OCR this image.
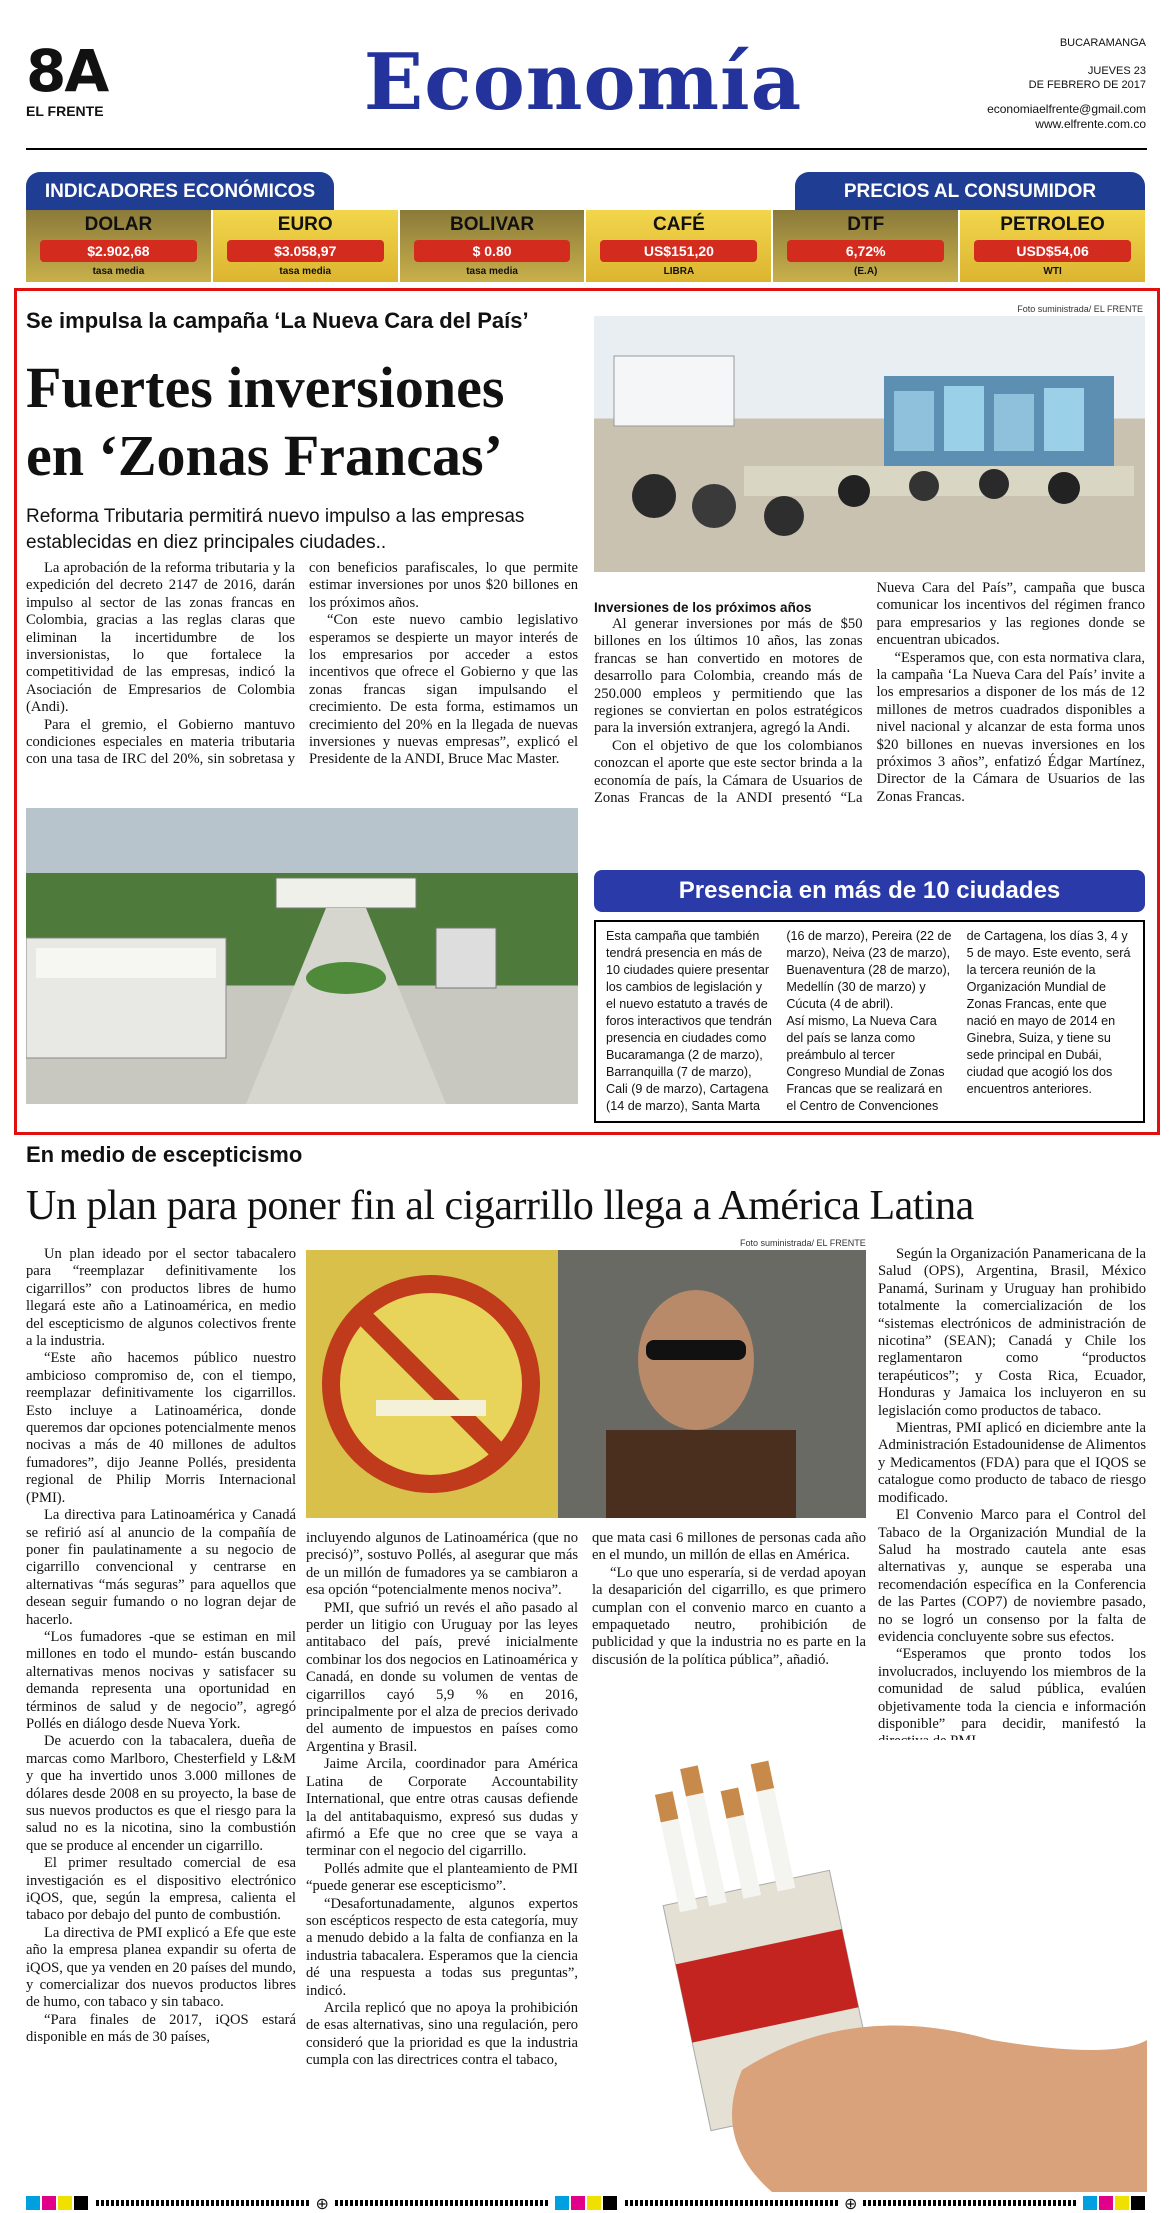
8A
EL FRENTE	Economía	BUCARAMANGA
JUEVES 23
DE FEBRERO DE 2017
economiaelfrente@gmail.com
www.elfrente.com.co
INDICADORES ECONÓMICOS	PRECIOS AL CONSUMIDOR
DOLAR
$2.902,68
tasa media
EURO
$3.058,97
tasa media
BOLIVAR
$ 0.80
tasa media
CAFÉ
US$151,20
LIBRA
DTF
6,72%
(E.A)
PETROLEO
USD$54,06
WTI
Se impulsa la campaña ‘La Nueva Cara del País’
Fuertes inversiones
en ‘Zonas Francas’
Reforma Tributaria permitirá nuevo impulso a las empresas establecidas en diez principales ciudades..
Foto suministrada/ EL FRENTE

La aprobación de la reforma tributaria y la expedición del decreto 2147 de 2016, darán impulso al sector de las zonas francas en Colombia, gracias a las reglas claras que eliminan la incertidumbre de los inversionistas, lo que fortalece la competitividad de las empresas, indicó la Asociación de Empresarios de Colombia (Andi).

Para el gremio, el Gobierno mantuvo condiciones especiales en materia tributaria con una tasa de IRC del 20%, sin sobretasa y con beneficios parafiscales, lo que permite estimar inversiones por unos $20 billones en los próximos años.

“Con este nuevo cambio legislativo esperamos se despierte un mayor interés de los empresarios por acceder a estos incentivos que ofrece el Gobierno y que las zonas francas sigan impulsando el crecimiento. De esta forma, estimamos un crecimiento del 20% en la llegada de nuevas inversiones y nuevas empresas”, explicó el Presidente de la ANDI, Bruce Mac Master.

Inversiones de los próximos años

Al generar inversiones por más de $50 billones en los últimos 10 años, las zonas francas se han convertido en motores de desarrollo para Colombia, creando más de 250.000 empleos y permitiendo que las regiones se conviertan en polos estratégicos para la inversión extranjera, agregó la Andi.

Con el objetivo de que los colombianos conozcan el aporte que este sector brinda a la economía de país, la Cámara de Usuarios de Zonas Francas de la ANDI presentó “La Nueva Cara del País”, campaña que busca comunicar los incentivos del régimen franco para empresarios y las regiones donde se encuentran ubicados.

“Esperamos que, con esta normativa clara, la campaña ‘La Nueva Cara del País’ invite a los empresarios a disponer de los más de 12 millones de metros cuadrados disponibles a nivel nacional y alcanzar de esta forma unos $20 billones en nuevas inversiones en los próximos 3 años”, enfatizó Édgar Martínez, Director de la Cámara de Usuarios de las Zonas Francas.

Presencia en más de 10 ciudades

Esta campaña que también tendrá presencia en más de 10 ciudades quiere presentar los cambios de legislación y el nuevo estatuto a través de foros interactivos que tendrán presencia en ciudades como Bucaramanga (2 de marzo), Barranquilla (7 de marzo), Cali (9 de marzo), Cartagena (14 de marzo), Santa Marta (16 de marzo), Pereira (22 de marzo), Neiva (23 de marzo), Buenaventura (28 de marzo), Medellín (30 de marzo) y Cúcuta (4 de abril).

Así mismo, La Nueva Cara del país se lanza como preámbulo al tercer Congreso Mundial de Zonas Francas que se realizará en el Centro de Convenciones de Cartagena, los días 3, 4 y 5 de mayo. Este evento, será la tercera reunión de la Organización Mundial de Zonas Francas, ente que nació en mayo de 2014 en Ginebra, Suiza, y tiene su sede principal en Dubái, ciudad que acogió los dos encuentros anteriores.

En medio de escepticismo
Un plan para poner fin al cigarrillo llega a América Latina

Un plan ideado por el sector tabacalero para “reemplazar definitivamente los cigarrillos” con productos libres de humo llegará este año a Latinoamérica, en medio del escepticismo de algunos colectivos frente a la industria.

“Este año hacemos público nuestro ambicioso compromiso de, con el tiempo, reemplazar definitivamente los cigarrillos. Esto incluye a Latinoamérica, donde queremos dar opciones potencialmente menos nocivas a más de 40 millones de adultos fumadores”, dijo Jeanne Pollés, presidenta regional de Philip Morris Internacional (PMI).

La directiva para Latinoamérica y Canadá se refirió así al anuncio de la compañía de poner fin paulatinamente a su negocio de cigarrillo convencional y centrarse en alternativas “más seguras” para aquellos que desean seguir fumando o no logran dejar de hacerlo.

“Los fumadores -que se estiman en mil millones en todo el mundo- están buscando alternativas menos nocivas y satisfacer su demanda representa una oportunidad en términos de salud y de negocio”, agregó Pollés en diálogo desde Nueva York.

De acuerdo con la tabacalera, dueña de marcas como Marlboro, Chesterfield y L&M y que ha invertido unos 3.000 millones de dólares desde 2008 en su proyecto, la base de sus nuevos productos es que el riesgo para la salud no es la nicotina, sino la combustión que se produce al encender un cigarrillo.

El primer resultado comercial de esa investigación es el dispositivo electrónico iQOS, que, según la empresa, calienta el tabaco por debajo del punto de combustión.

La directiva de PMI explicó a Efe que este año la empresa planea expandir su oferta de iQOS, que ya venden en 20 países del mundo, y comercializar dos nuevos productos libres de humo, con tabaco y sin tabaco.

“Para finales de 2017, iQOS estará disponible en más de 30 países,

Foto suministrada/ EL FRENTE

incluyendo algunos de Latinoamérica (que no precisó)”, sostuvo Pollés, al asegurar que más de un millón de fumadores ya se cambiaron a esa opción “potencialmente menos nociva”.

PMI, que sufrió un revés el año pasado al perder un litigio con Uruguay por las leyes antitabaco del país, prevé inicialmente combinar los dos negocios en Latinoamérica y Canadá, en donde su volumen de ventas de cigarrillos cayó 5,9 % en 2016, principalmente por el alza de precios derivado del aumento de impuestos en países como Argentina y Brasil.

Jaime Arcila, coordinador para América Latina de Corporate Accountability International, que entre otras causas defiende la del antitabaquismo, expresó sus dudas y afirmó a Efe que no cree que se vaya a terminar con el negocio del cigarrillo.

Pollés admite que el planteamiento de PMI “puede generar ese escepticismo”.

“Desafortunadamente, algunos expertos son escépticos respecto de esta categoría, muy a menudo debido a la falta de confianza en la industria tabacalera. Esperamos que la ciencia dé una respuesta a todas sus preguntas”, indicó.

Arcila replicó que no apoya la prohibición de esas alternativas, sino una regulación, pero consideró que la prioridad es que la industria cumpla con las directrices contra el tabaco,

que mata casi 6 millones de personas cada año en el mundo, un millón de ellas en América.

“Lo que uno esperaría, si de verdad apoyan la desaparición del cigarrillo, es que primero cumplan con el convenio marco en cuanto a empaquetado neutro, prohibición de publicidad y que la industria no es parte en la discusión de la política pública”, añadió.

Según la Organización Panamericana de la Salud (OPS), Argentina, Brasil, México Panamá, Surinam y Uruguay han prohibido totalmente la comercialización de los “sistemas electrónicos de administración de nicotina” (SEAN); Canadá y Chile los reglamentaron como “productos terapéuticos”; y Costa Rica, Ecuador, Honduras y Jamaica los incluyeron en su legislación como productos de tabaco.

Mientras, PMI aplicó en diciembre ante la Administración Estadounidense de Alimentos y Medicamentos (FDA) para que el IQOS se catalogue como producto de tabaco de riesgo modificado.

El Convenio Marco para el Control del Tabaco de la Organización Mundial de la Salud ha mostrado cautela ante esas alternativas y, aunque se esperaba una recomendación específica en la Conferencia de las Partes (COP7) de noviembre pasado, no se logró un consenso por la falta de evidencia concluyente sobre sus efectos.

“Esperamos que pronto todos los involucrados, incluyendo los miembros de la comunidad de salud pública, evalúen objetivamente toda la ciencia e información disponible” para decidir, manifestó la

⊕	⊕
